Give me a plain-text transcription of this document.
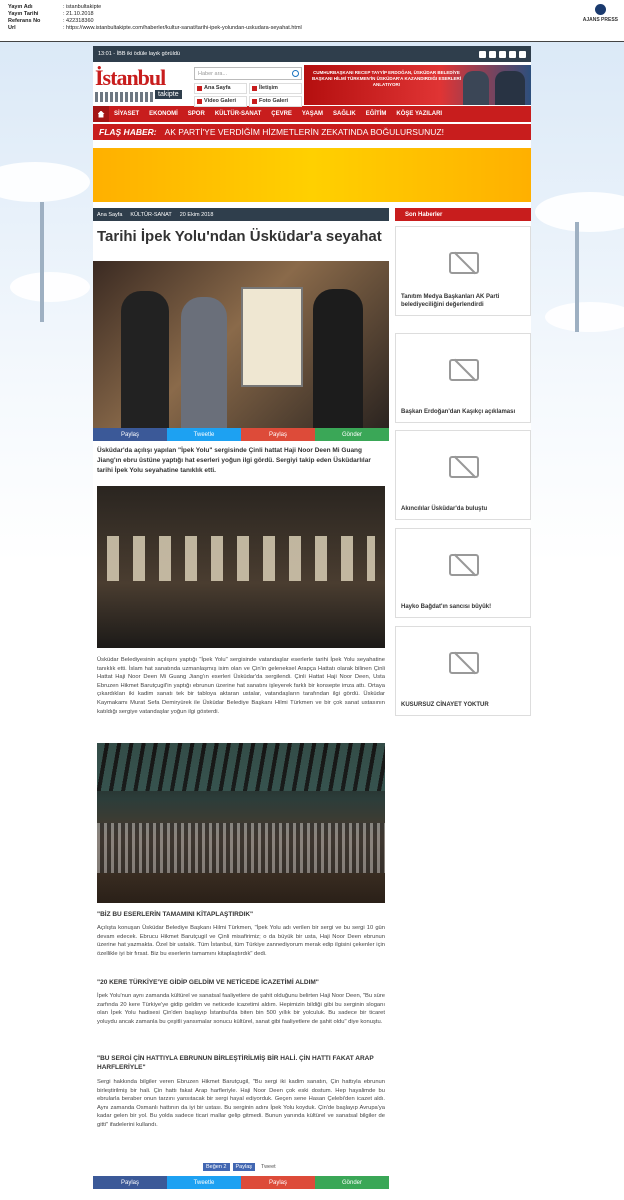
Yayın Adı	: istanbultakipte
Yayın Tarihi	: 21.10.2018
Referans No	: 422318360
Url	: https://www.istanbultakipte.com/haberler/kultur-sanat/tarihi-ipek-yolundan-uskudara-seyahat.html
AJANS PRESS
13:01 - İBB iki ödüle layık görüldü
İstanbul
takipte
Haber ara...
Ana Sayfa	İletişim
Video Galeri	Foto Galeri
CUMHURBAŞKANI RECEP TAYYİP ERDOĞAN, ÜSKÜDAR BELEDİYE BAŞKANI HİLMİ TÜRKMEN'İN ÜSKÜDAR'A KAZANDIRDIĞI ESERLERİ ANLATIYOR!
SİYASET	EKONOMİ	SPOR	KÜLTÜR-SANAT	ÇEVRE	YAŞAM	SAĞLIK	EĞİTİM	KÖŞE YAZILARI
FLAŞ HABER: AK PARTİ'YE VERDİĞİM HİZMETLERİN ZEKATINDA BOĞULURSUNUZ!
Ana Sayfa KÜLTÜR-SANAT 20 Ekim 2018
Tarihi İpek Yolu'ndan Üsküdar'a seyahat
Paylaş	Tweetle	Paylaş	Gönder
Üsküdar'da açılışı yapılan "İpek Yolu" sergisinde Çinli hattat Haji Noor Deen Mi Guang Jiang'ın ebru üstüne yaptığı hat eserleri yoğun ilgi gördü. Sergiyi takip eden Üsküdarlılar tarihi İpek Yolu seyahatine tanıklık etti.
Üsküdar Belediyesinin açılışını yaptığı "İpek Yolu" sergisinde vatandaşlar eserlerle tarihi İpek Yolu seyahatine tanıklık etti. İslam hat sanatında uzmanlaşmış isim olan ve Çin'in geleneksel Arapça Hattatı olarak bilinen Çinli Hattat Haji Noor Deen Mi Guang Jiang'ın eserleri Üsküdar'da sergilendi. Çinli Hattat Haji Noor Deen, Usta Ebruzen Hikmet Barutçugil'in yaptığı ebrunun üzerine hat sanatını işleyerek farklı bir konsepte imza attı. Ortaya çıkardıkları iki kadim sanatı tek bir tabloya aktaran ustalar, vatandaşların tarafından ilgi gördü. Üsküdar Kaymakamı Murat Sefa Demiryürek ile Üsküdar Belediye Başkanı Hilmi Türkmen ve bir çok sanat ustasının katıldığı sergiye vatandaşlar yoğun ilgi gösterdi.
"BİZ BU ESERLERİN TAMAMINI KİTAPLAŞTIRDIK"
Açılışta konuşan Üsküdar Belediye Başkanı Hilmi Türkmen, "İpek Yolu adı verilen bir sergi ve bu sergi 10 gün devam edecek. Ebrucu Hikmet Barutçugil ve Çinli misafirimiz; o da büyük bir usta, Haji Noor Deen ebrunun üzerine hat yazmakta. Özel bir ustalık. Tüm İstanbul, tüm Türkiye zannediyorum merak edip ilgisini çekenler için özellikle iyi bir fırsat. Biz bu eserlerin tamamını kitaplaştırdık" dedi.
"20 KERE TÜRKİYE'YE GİDİP GELDİM VE NETİCEDE İCAZETİMİ ALDIM"
İpek Yolu'nun aynı zamanda kültürel ve sanatsal faaliyetlere de şahit olduğunu belirten Haji Noor Deen, "Bu süre zarfında 20 kere Türkiye'ye gidip geldim ve neticede icazetimi aldım. Hepimizin bildiği gibi bu serginin sloganı olan İpek Yolu hadisesi Çin'den başlayıp İstanbul'da biten bin 500 yıllık bir yolculuk. Bu sadece bir ticaret yoluydu ancak zamanla bu çeşitli yansımalar sonucu kültürel, sanat gibi faaliyetlere de şahit oldu" diye konuştu.
"BU SERGİ ÇİN HATTIYLA EBRUNUN BİRLEŞTİRİLMİŞ BİR HALİ. ÇİN HATTI FAKAT ARAP HARFLERİYLE"
Sergi hakkında bilgiler veren Ebruzen Hikmet Barutçugil, "Bu sergi iki kadim sanatın, Çin hattıyla ebrunun birleştirilmiş bir hali. Çin hattı fakat Arap harfleriyle. Haji Noor Deen çok eski dostum. Hep hayalimde bu ebrularla beraber onun tarzını yansıtacak bir sergi hayal ediyorduk. Geçen sene Hasan Çelebi'den icazet aldı. Aynı zamanda Osmanlı hattının da iyi bir ustası. Bu serginin adını İpek Yolu koyduk. Çin'de başlayıp Avrupa'ya kadar gelen bir yol. Bu yolda sadece ticari mallar gelip gitmedi. Bunun yanında kültürel ve sanatsal bilgiler de gitti" ifadelerini kullandı.
Beğen 2	Paylaş	Tweet
Paylaş	Tweetle	Paylaş	Gönder
Son Haberler
Tanıtım Medya Başkanları AK Parti belediyeciliğini değerlendirdi
Başkan Erdoğan'dan Kaşıkçı açıklaması
Akıncılılar Üsküdar'da buluştu
Hayko Bağdat'ın sancısı büyük!
KUSURSUZ CİNAYET YOKTUR
